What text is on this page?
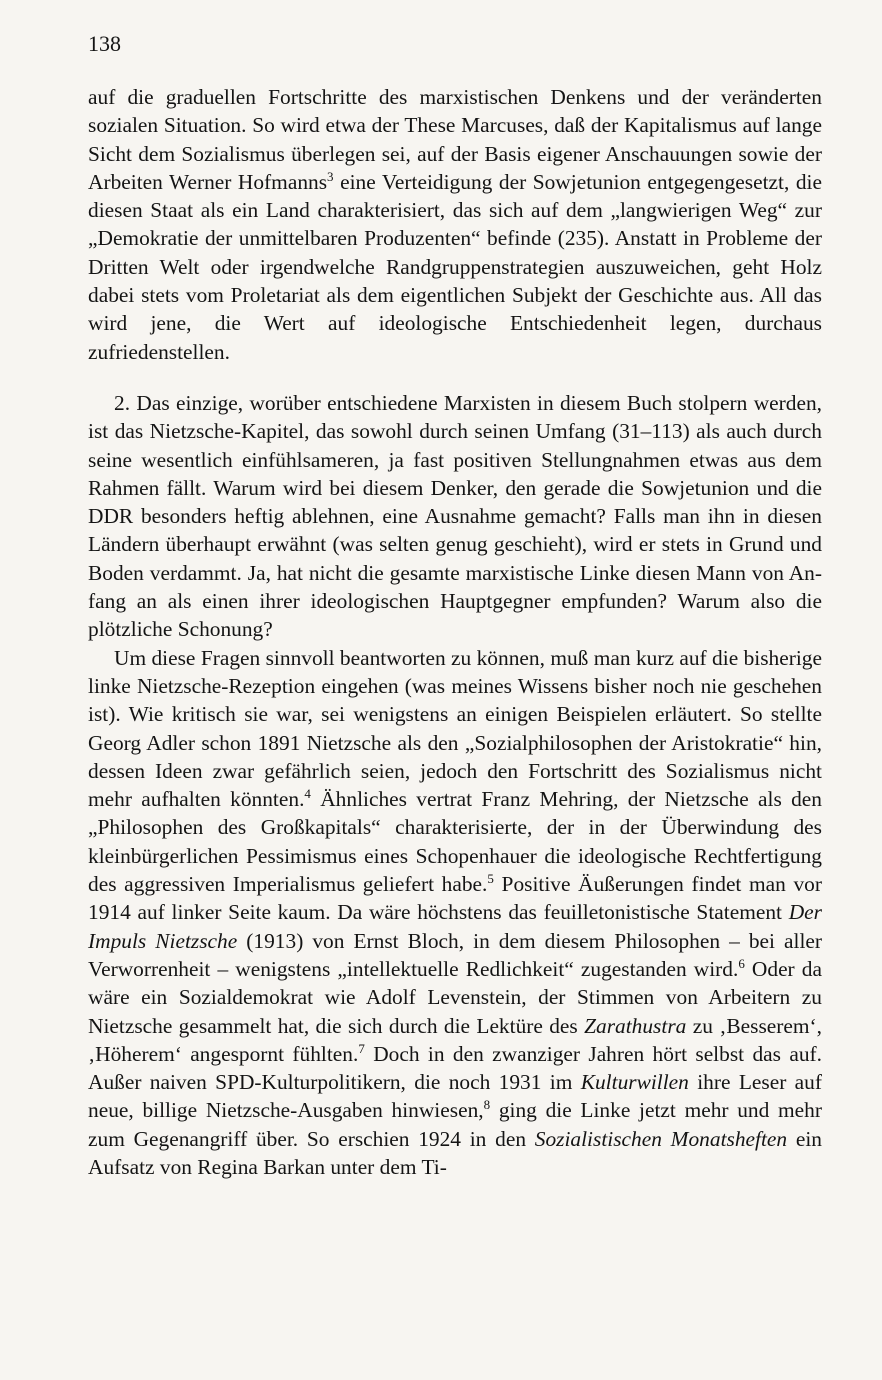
138

auf die graduellen Fortschritte des marxistischen Denkens und der veränderten sozialen Situation. So wird etwa der These Marcuses, daß der Kapitalismus auf lange Sicht dem Sozialismus überlegen sei, auf der Basis eigener Anschauungen sowie der Arbeiten Werner Hofmanns$^3$ eine Verteidigung der Sowjetunion entgegengesetzt, die diesen Staat als ein Land charakterisiert, das sich auf dem „langwierigen Weg“ zur „Demokratie der unmittelbaren Produzenten“ befinde (235). Anstatt in Probleme der Dritten Welt oder irgendwelche Randgruppenstrategien auszuweichen, geht Holz dabei stets vom Proletariat als dem eigentlichen Subjekt der Geschichte aus. All das wird jene, die Wert auf ideologische Entschiedenheit legen, durchaus zufriedenstellen.

2. Das einzige, worüber entschiedene Marxisten in diesem Buch stolpern werden, ist das Nietzsche-Kapitel, das sowohl durch seinen Umfang (31–113) als auch durch seine wesentlich einfühlsameren, ja fast positiven Stellungnahmen etwas aus dem Rahmen fällt. Warum wird bei diesem Denker, den gerade die Sowjetunion und die DDR besonders heftig ablehnen, eine Ausnahme gemacht? Falls man ihn in diesen Ländern überhaupt erwähnt (was selten genug geschieht), wird er stets in Grund und Boden verdammt. Ja, hat nicht die gesamte marxistische Linke diesen Mann von Anfang an als einen ihrer ideologischen Hauptgegner empfunden? Warum also die plötzliche Schonung?

Um diese Fragen sinnvoll beantworten zu können, muß man kurz auf die bisherige linke Nietzsche-Rezeption eingehen (was meines Wissens bisher noch nie geschehen ist). Wie kritisch sie war, sei wenigstens an einigen Beispielen erläutert. So stellte Georg Adler schon 1891 Nietzsche als den „Sozialphilosophen der Aristokratie“ hin, dessen Ideen zwar gefährlich seien, jedoch den Fortschritt des Sozialismus nicht mehr aufhalten könnten.$^4$ Ähnliches vertrat Franz Mehring, der Nietzsche als den „Philosophen des Großkapitals“ charakterisierte, der in der Überwindung des kleinbürgerlichen Pessimismus eines Schopenhauer die ideologische Rechtfertigung des aggressiven Imperialismus geliefert habe.$^5$ Positive Äußerungen findet man vor 1914 auf linker Seite kaum. Da wäre höchstens das feuilletonistische Statement Der Impuls Nietzsche (1913) von Ernst Bloch, in dem diesem Philosophen – bei aller Verworrenheit – wenigstens „intellektuelle Redlichkeit“ zugestanden wird.$^6$ Oder da wäre ein Sozialdemokrat wie Adolf Levenstein, der Stimmen von Arbeitern zu Nietzsche gesammelt hat, die sich durch die Lektüre des Zarathustra zu ‚Besserem‘, ‚Höherem‘ angespornt fühlten.$^7$ Doch in den zwanziger Jahren hört selbst das auf. Außer naiven SPD-Kulturpolitikern, die noch 1931 im Kulturwillen ihre Leser auf neue, billige Nietzsche-Ausgaben hinwiesen,$^8$ ging die Linke jetzt mehr und mehr zum Gegenangriff über. So erschien 1924 in den Sozialistischen Monatsheften ein Aufsatz von Regina Barkan unter dem Ti-
